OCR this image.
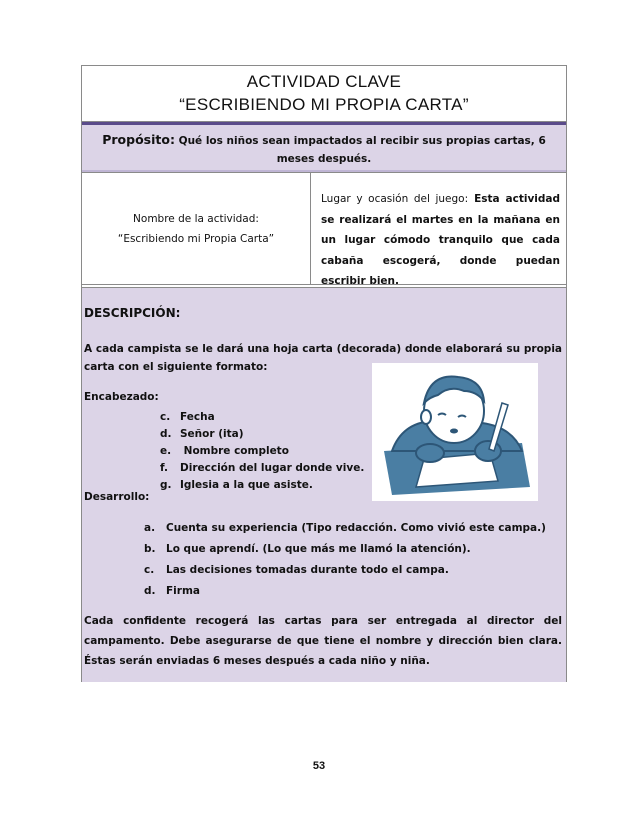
ACTIVIDAD CLAVE
“ESCRIBIENDO MI PROPIA CARTA”
Propósito: Qué los niños sean impactados al recibir sus propias cartas, 6 meses después.
Nombre de la actividad:
“Escribiendo mi Propia Carta”
Lugar y ocasión del juego: Esta actividad se realizará el martes en la mañana en un lugar cómodo tranquilo que cada cabaña escogerá, donde puedan escribir bien.
DESCRIPCIÓN:
A cada campista se le dará una hoja carta (decorada) donde elaborará su propia carta con el siguiente formato:
Encabezado:
c. Fecha
d. Señor (ita)
e. Nombre completo
f. Dirección del lugar donde vive.
g. Iglesia a la que asiste.
Desarrollo:
a. Cuenta su experiencia (Tipo redacción. Como vivió este campa.)
b. Lo que aprendí. (Lo que más me llamó la atención).
c. Las decisiones tomadas durante todo el campa.
d. Firma
Cada confidente recogerá las cartas para ser entregada al director del campamento. Debe asegurarse de que tiene el nombre y dirección bien clara. Éstas serán enviadas 6 meses después a cada niño y niña.
53
